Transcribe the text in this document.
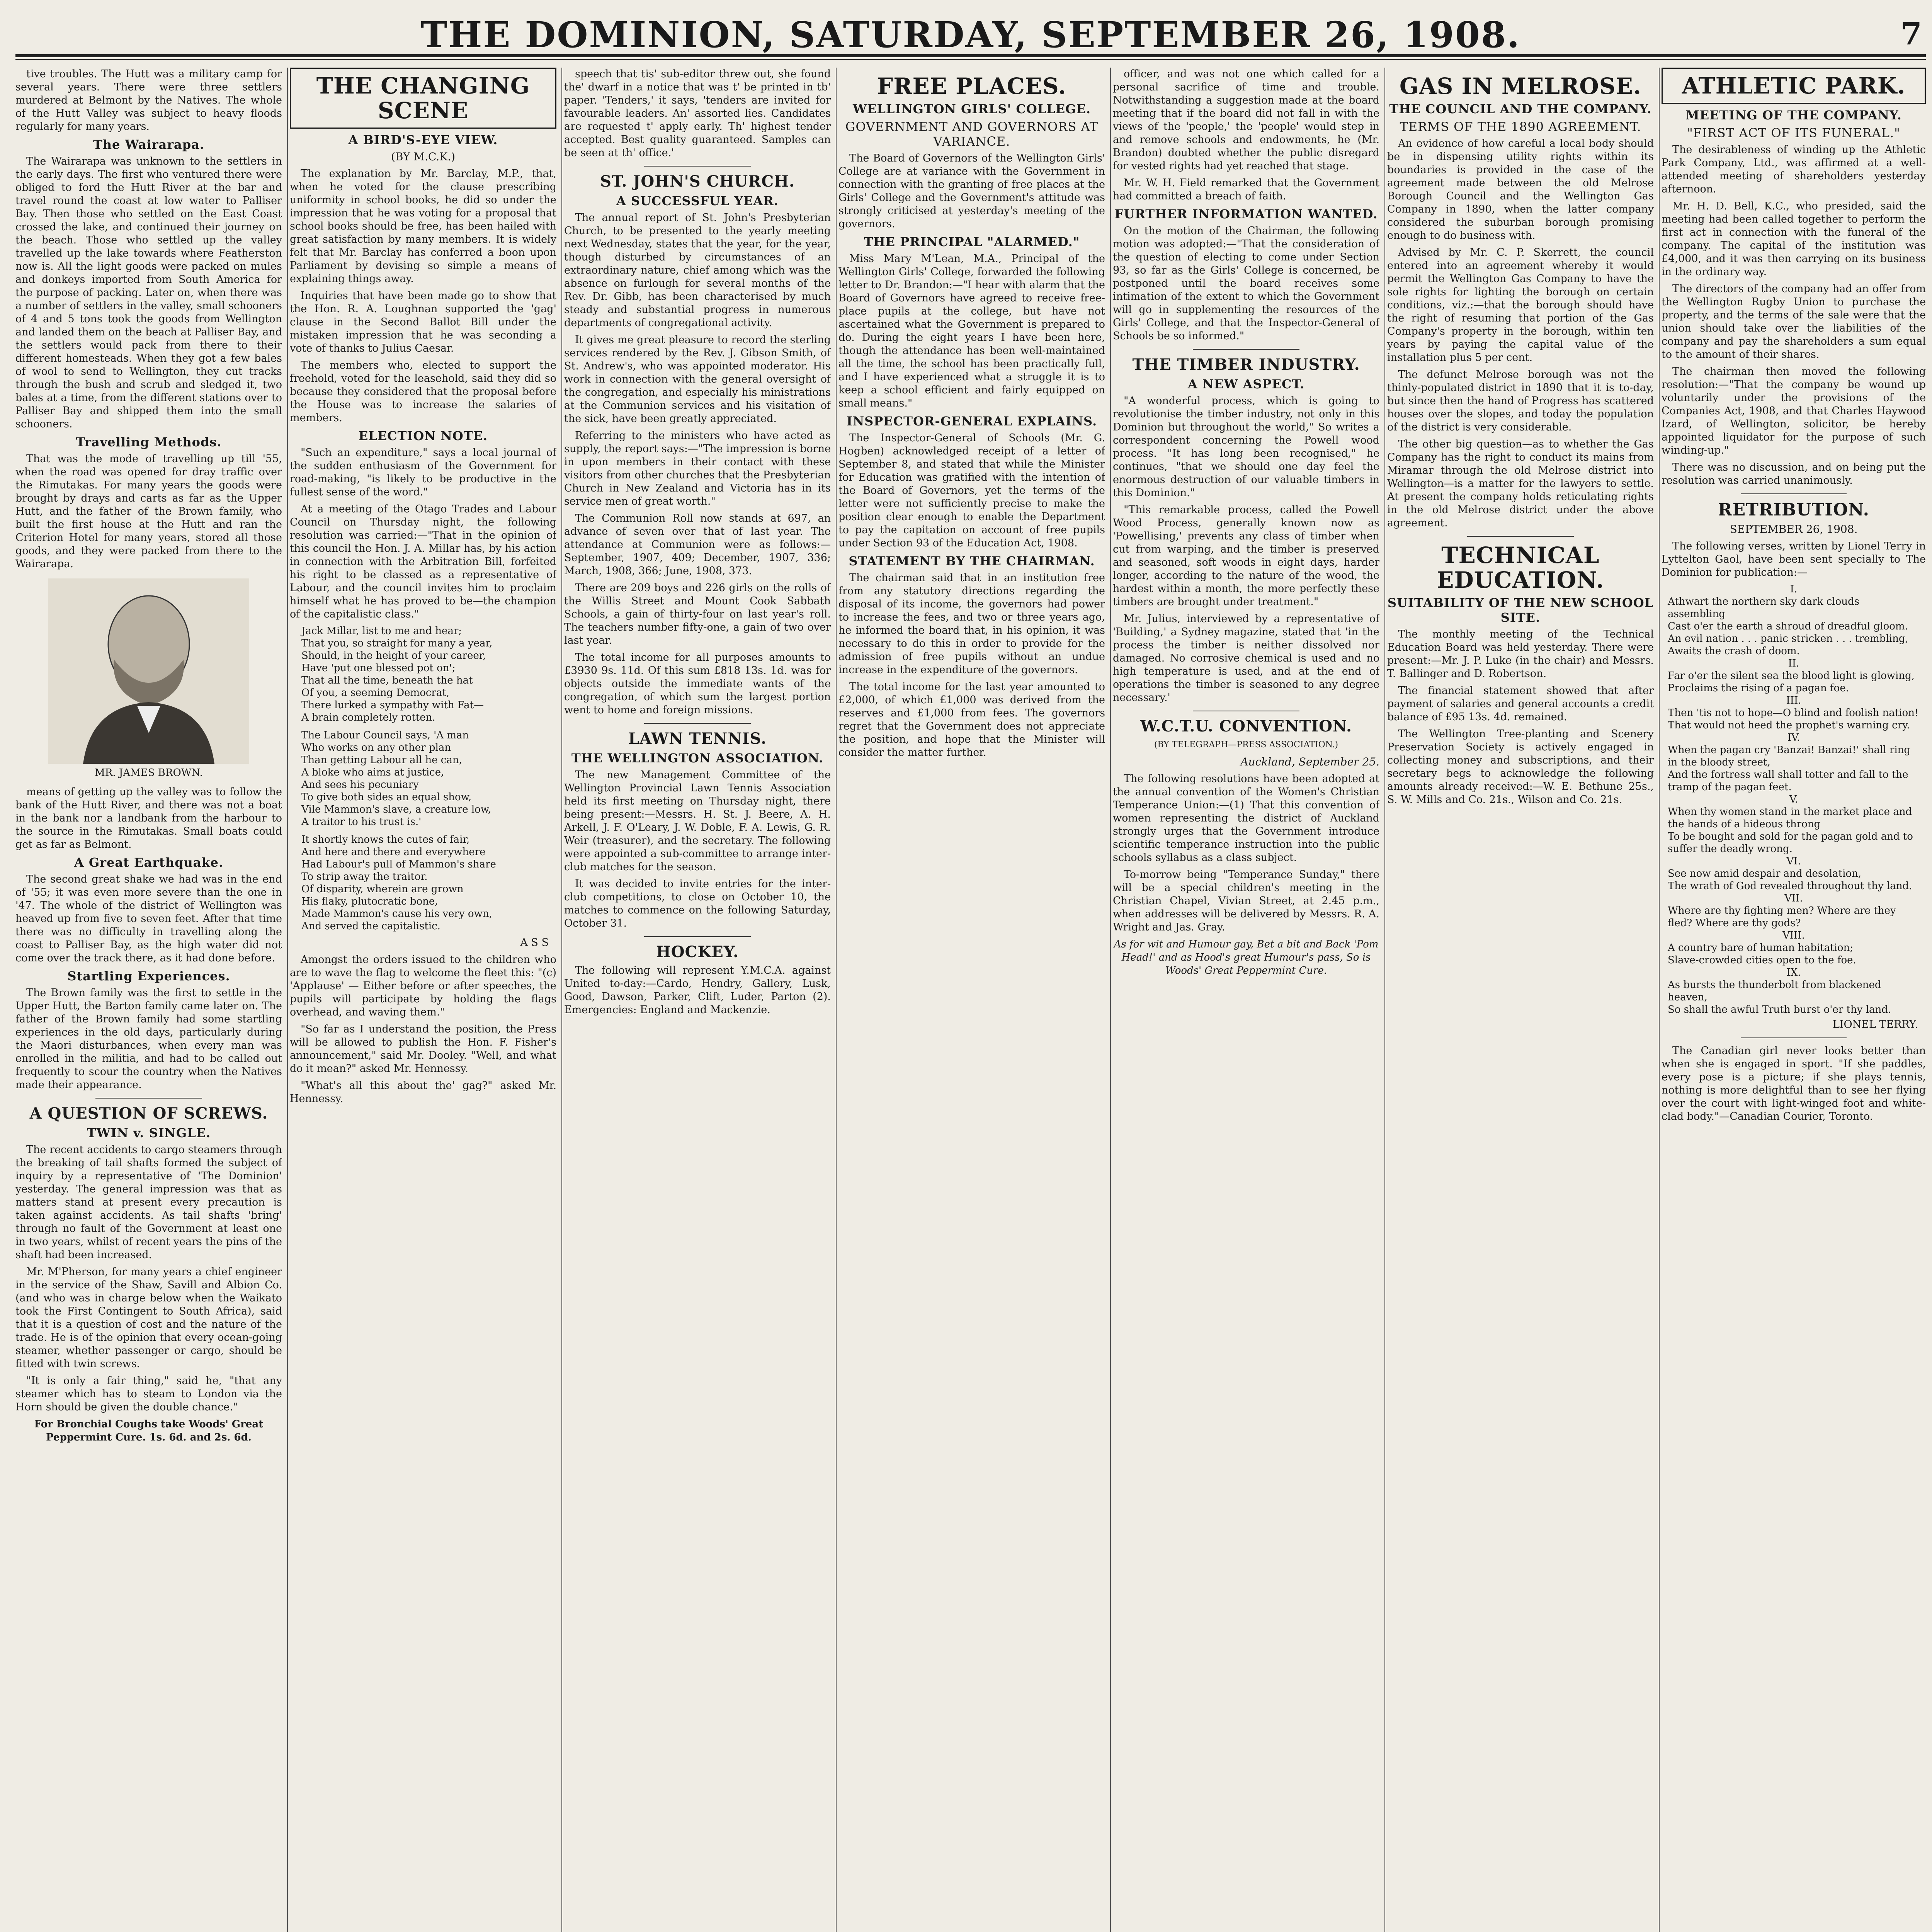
THE DOMINION, SATURDAY, SEPTEMBER 26, 1908.	7

tive troubles. The Hutt was a military camp for several years. There were three settlers murdered at Belmont by the Natives. The whole of the Hutt Valley was subject to heavy floods regularly for many years.

The Wairarapa.

The Wairarapa was unknown to the settlers in the early days. The first who ventured there were obliged to ford the Hutt River at the bar and travel round the coast at low water to Palliser Bay. Then those who settled on the East Coast crossed the lake, and continued their journey on the beach. Those who settled up the valley travelled up the lake towards where Featherston now is. All the light goods were packed on mules and donkeys imported from South America for the purpose of packing. Later on, when there was a number of settlers in the valley, small schooners of 4 and 5 tons took the goods from Wellington and landed them on the beach at Palliser Bay, and the settlers would pack from there to their different homesteads. When they got a few bales of wool to send to Wellington, they cut tracks through the bush and scrub and sledged it, two bales at a time, from the different stations over to Palliser Bay and shipped them into the small schooners.

Travelling Methods.

That was the mode of travelling up till '55, when the road was opened for dray traffic over the Rimutakas. For many years the goods were brought by drays and carts as far as the Upper Hutt, and the father of the Brown family, who built the first house at the Hutt and ran the Criterion Hotel for many years, stored all those goods, and they were packed from there to the Wairarapa.

MR. JAMES BROWN.

means of getting up the valley was to follow the bank of the Hutt River, and there was not a boat in the bank nor a landbank from the harbour to the source in the Rimutakas. Small boats could get as far as Belmont.

A Great Earthquake.

The second great shake we had was in the end of '55; it was even more severe than the one in '47. The whole of the district of Wellington was heaved up from five to seven feet. After that time there was no difficulty in travelling along the coast to Palliser Bay, as the high water did not come over the track there, as it had done before.

Startling Experiences.

The Brown family was the first to settle in the Upper Hutt, the Barton family came later on. The father of the Brown family had some startling experiences in the old days, particularly during the Maori disturbances, when every man was enrolled in the militia, and had to be called out frequently to scour the country when the Natives made their appearance.

A QUESTION OF SCREWS.
TWIN v. SINGLE.

The recent accidents to cargo steamers through the breaking of tail shafts formed the subject of inquiry by a representative of 'The Dominion' yesterday. The general impression was that as matters stand at present every precaution is taken against accidents. As tail shafts 'bring' through no fault of the Government at least one in two years, whilst of recent years the pins of the shaft had been increased.

Mr. M'Pherson, for many years a chief engineer in the service of the Shaw, Savill and Albion Co. (and who was in charge below when the Waikato took the First Contingent to South Africa), said that it is a question of cost and the nature of the trade. He is of the opinion that every ocean-going steamer, whether passenger or cargo, should be fitted with twin screws.

"It is only a fair thing," said he, "that any steamer which has to steam to London via the Horn should be given the double chance."

For Bronchial Coughs take Woods' Great Peppermint Cure. 1s. 6d. and 2s. 6d.
THE CHANGING SCENE
A BIRD'S-EYE VIEW.
(BY M.C.K.)

The explanation by Mr. Barclay, M.P., that, when he voted for the clause prescribing uniformity in school books, he did so under the impression that he was voting for a proposal that school books should be free, has been hailed with great satisfaction by many members. It is widely felt that Mr. Barclay has conferred a boon upon Parliament by devising so simple a means of explaining things away.

Inquiries that have been made go to show that the Hon. R. A. Loughnan supported the 'gag' clause in the Second Ballot Bill under the mistaken impression that he was seconding a vote of thanks to Julius Caesar.

The members who, elected to support the freehold, voted for the leasehold, said they did so because they considered that the proposal before the House was to increase the salaries of members.

ELECTION NOTE.

"Such an expenditure," says a local journal of the sudden enthusiasm of the Government for road-making, "is likely to be productive in the fullest sense of the word."

At a meeting of the Otago Trades and Labour Council on Thursday night, the following resolution was carried:—"That in the opinion of this council the Hon. J. A. Millar has, by his action in connection with the Arbitration Bill, forfeited his right to be classed as a representative of Labour, and the council invites him to proclaim himself what he has proved to be—the champion of the capitalistic class."

Jack Millar, list to me and hear;
That you, so straight for many a year,
Should, in the height of your career,
Have 'put one blessed pot on';
That all the time, beneath the hat
Of you, a seeming Democrat,
There lurked a sympathy with Fat—
A brain completely rotten.
The Labour Council says, 'A man
Who works on any other plan
Than getting Labour all he can,
A bloke who aims at justice,
And sees his pecuniary
To give both sides an equal show,
Vile Mammon's slave, a creature low,
A traitor to his trust is.'
It shortly knows the cutes of fair,
And here and there and everywhere
Had Labour's pull of Mammon's share
To strip away the traitor.
Of disparity, wherein are grown
His flaky, plutocratic bone,
Made Mammon's cause his very own,
And served the capitalistic.
A S S

Amongst the orders issued to the children who are to wave the flag to welcome the fleet this: "(c) 'Applause' — Either before or after speeches, the pupils will participate by holding the flags overhead, and waving them."

"So far as I understand the position, the Press will be allowed to publish the Hon. F. Fisher's announcement," said Mr. Dooley. "Well, and what do it mean?" asked Mr. Hennessy.

"What's all this about the' gag?" asked Mr. Hennessy.

speech that tis' sub-editor threw out, she found the' dwarf in a notice that was t' be printed in tb' paper. 'Tenders,' it says, 'tenders are invited for favourable leaders. An' assorted lies. Candidates are requested t' apply early. Th' highest tender accepted. Best quality guaranteed. Samples can be seen at th' office.'

ST. JOHN'S CHURCH.
A SUCCESSFUL YEAR.

The annual report of St. John's Presbyterian Church, to be presented to the yearly meeting next Wednesday, states that the year, for the year, though disturbed by circumstances of an extraordinary nature, chief among which was the absence on furlough for several months of the Rev. Dr. Gibb, has been characterised by much steady and substantial progress in numerous departments of congregational activity.

It gives me great pleasure to record the sterling services rendered by the Rev. J. Gibson Smith, of St. Andrew's, who was appointed moderator. His work in connection with the general oversight of the congregation, and especially his ministrations at the Communion services and his visitation of the sick, have been greatly appreciated.

Referring to the ministers who have acted as supply, the report says:—"The impression is borne in upon members in their contact with these visitors from other churches that the Presbyterian Church in New Zealand and Victoria has in its service men of great worth."

The Communion Roll now stands at 697, an advance of seven over that of last year. The attendance at Communion were as follows:—September, 1907, 409; December, 1907, 336; March, 1908, 366; June, 1908, 373.

There are 209 boys and 226 girls on the rolls of the Willis Street and Mount Cook Sabbath Schools, a gain of thirty-four on last year's roll. The teachers number fifty-one, a gain of two over last year.

The total income for all purposes amounts to £3930 9s. 11d. Of this sum £818 13s. 1d. was for objects outside the immediate wants of the congregation, of which sum the largest portion went to home and foreign missions.

LAWN TENNIS.
THE WELLINGTON ASSOCIATION.

The new Management Committee of the Wellington Provincial Lawn Tennis Association held its first meeting on Thursday night, there being present:—Messrs. H. St. J. Beere, A. H. Arkell, J. F. O'Leary, J. W. Doble, F. A. Lewis, G. R. Weir (treasurer), and the secretary. The following were appointed a sub-committee to arrange inter-club matches for the season.

It was decided to invite entries for the inter-club competitions, to close on October 10, the matches to commence on the following Saturday, October 31.

HOCKEY.

The following will represent Y.M.C.A. against United to-day:—Cardo, Hendry, Gallery, Lusk, Good, Dawson, Parker, Clift, Luder, Parton (2). Emergencies: England and Mackenzie.

FREE PLACES.
WELLINGTON GIRLS' COLLEGE.
GOVERNMENT AND GOVERNORS AT VARIANCE.

The Board of Governors of the Wellington Girls' College are at variance with the Government in connection with the granting of free places at the Girls' College and the Government's attitude was strongly criticised at yesterday's meeting of the governors.

THE PRINCIPAL "ALARMED."

Miss Mary M'Lean, M.A., Principal of the Wellington Girls' College, forwarded the following letter to Dr. Brandon:—"I hear with alarm that the Board of Governors have agreed to receive free-place pupils at the college, but have not ascertained what the Government is prepared to do. During the eight years I have been here, though the attendance has been well-maintained all the time, the school has been practically full, and I have experienced what a struggle it is to keep a school efficient and fairly equipped on small means."

INSPECTOR-GENERAL EXPLAINS.

The Inspector-General of Schools (Mr. G. Hogben) acknowledged receipt of a letter of September 8, and stated that while the Minister for Education was gratified with the intention of the Board of Governors, yet the terms of the letter were not sufficiently precise to make the position clear enough to enable the Department to pay the capitation on account of free pupils under Section 93 of the Education Act, 1908.

STATEMENT BY THE CHAIRMAN.

The chairman said that in an institution free from any statutory directions regarding the disposal of its income, the governors had power to increase the fees, and two or three years ago, he informed the board that, in his opinion, it was necessary to do this in order to provide for the admission of free pupils without an undue increase in the expenditure of the governors.

The total income for the last year amounted to £2,000, of which £1,000 was derived from the reserves and £1,000 from fees. The governors regret that the Government does not appreciate the position, and hope that the Minister will consider the matter further.

officer, and was not one which called for a personal sacrifice of time and trouble. Notwithstanding a suggestion made at the board meeting that if the board did not fall in with the views of the 'people,' the 'people' would step in and remove schools and endowments, he (Mr. Brandon) doubted whether the public disregard for vested rights had yet reached that stage.

Mr. W. H. Field remarked that the Government had committed a breach of faith.

FURTHER INFORMATION WANTED.

On the motion of the Chairman, the following motion was adopted:—"That the consideration of the question of electing to come under Section 93, so far as the Girls' College is concerned, be postponed until the board receives some intimation of the extent to which the Government will go in supplementing the resources of the Girls' College, and that the Inspector-General of Schools be so informed."

THE TIMBER INDUSTRY.
A NEW ASPECT.

"A wonderful process, which is going to revolutionise the timber industry, not only in this Dominion but throughout the world," So writes a correspondent concerning the Powell wood process. "It has long been recognised," he continues, "that we should one day feel the enormous destruction of our valuable timbers in this Dominion."

"This remarkable process, called the Powell Wood Process, generally known now as 'Powellising,' prevents any class of timber when cut from warping, and the timber is preserved and seasoned, soft woods in eight days, harder longer, according to the nature of the wood, the hardest within a month, the more perfectly these timbers are brought under treatment."

Mr. Julius, interviewed by a representative of 'Building,' a Sydney magazine, stated that 'in the process the timber is neither dissolved nor damaged. No corrosive chemical is used and no high temperature is used, and at the end of operations the timber is seasoned to any degree necessary.'

W.C.T.U. CONVENTION.
(BY TELEGRAPH—PRESS ASSOCIATION.)
Auckland, September 25.

The following resolutions have been adopted at the annual convention of the Women's Christian Temperance Union:—(1) That this convention of women representing the district of Auckland strongly urges that the Government introduce scientific temperance instruction into the public schools syllabus as a class subject.

To-morrow being "Temperance Sunday," there will be a special children's meeting in the Christian Chapel, Vivian Street, at 2.45 p.m., when addresses will be delivered by Messrs. R. A. Wright and Jas. Gray.

As for wit and Humour gay, Bet a bit and Back 'Pom Head!' and as Hood's great Humour's pass, So is Woods' Great Peppermint Cure.
GAS IN MELROSE.
THE COUNCIL AND THE COMPANY.
TERMS OF THE 1890 AGREEMENT.

An evidence of how careful a local body should be in dispensing utility rights within its boundaries is provided in the case of the agreement made between the old Melrose Borough Council and the Wellington Gas Company in 1890, when the latter company considered the suburban borough promising enough to do business with.

Advised by Mr. C. P. Skerrett, the council entered into an agreement whereby it would permit the Wellington Gas Company to have the sole rights for lighting the borough on certain conditions, viz.:—that the borough should have the right of resuming that portion of the Gas Company's property in the borough, within ten years by paying the capital value of the installation plus 5 per cent.

The defunct Melrose borough was not the thinly-populated district in 1890 that it is to-day, but since then the hand of Progress has scattered houses over the slopes, and today the population of the district is very considerable.

The other big question—as to whether the Gas Company has the right to conduct its mains from Miramar through the old Melrose district into Wellington—is a matter for the lawyers to settle. At present the company holds reticulating rights in the old Melrose district under the above agreement.

TECHNICAL EDUCATION.
SUITABILITY OF THE NEW SCHOOL SITE.

The monthly meeting of the Technical Education Board was held yesterday. There were present:—Mr. J. P. Luke (in the chair) and Messrs. T. Ballinger and D. Robertson.

The financial statement showed that after payment of salaries and general accounts a credit balance of £95 13s. 4d. remained.

The Wellington Tree-planting and Scenery Preservation Society is actively engaged in collecting money and subscriptions, and their secretary begs to acknowledge the following amounts already received:—W. E. Bethune 25s., S. W. Mills and Co. 21s., Wilson and Co. 21s.

ATHLETIC PARK.
MEETING OF THE COMPANY.
"FIRST ACT OF ITS FUNERAL."

The desirableness of winding up the Athletic Park Company, Ltd., was affirmed at a well-attended meeting of shareholders yesterday afternoon.

Mr. H. D. Bell, K.C., who presided, said the meeting had been called together to perform the first act in connection with the funeral of the company. The capital of the institution was £4,000, and it was then carrying on its business in the ordinary way.

The directors of the company had an offer from the Wellington Rugby Union to purchase the property, and the terms of the sale were that the union should take over the liabilities of the company and pay the shareholders a sum equal to the amount of their shares.

The chairman then moved the following resolution:—"That the company be wound up voluntarily under the provisions of the Companies Act, 1908, and that Charles Haywood Izard, of Wellington, solicitor, be hereby appointed liquidator for the purpose of such winding-up."

There was no discussion, and on being put the resolution was carried unanimously.

RETRIBUTION.
SEPTEMBER 26, 1908.

The following verses, written by Lionel Terry in Lyttelton Gaol, have been sent specially to The Dominion for publication:—

I.
Athwart the northern sky dark clouds assembling
Cast o'er the earth a shroud of dreadful gloom.
An evil nation . . . panic stricken . . . trembling,
Awaits the crash of doom.
II.
Far o'er the silent sea the blood light is glowing,
Proclaims the rising of a pagan foe.
III.
Then 'tis not to hope—O blind and foolish nation!
That would not heed the prophet's warning cry.
IV.
When the pagan cry 'Banzai! Banzai!' shall ring in the bloody street,
And the fortress wall shall totter and fall to the tramp of the pagan feet.
V.
When thy women stand in the market place and the hands of a hideous throng
To be bought and sold for the pagan gold and to suffer the deadly wrong.
VI.
See now amid despair and desolation,
The wrath of God revealed throughout thy land.
VII.
Where are thy fighting men? Where are they fled? Where are thy gods?
VIII.
A country bare of human habitation;
Slave-crowded cities open to the foe.
IX.
As bursts the thunderbolt from blackened heaven,
So shall the awful Truth burst o'er thy land.
LIONEL TERRY.

The Canadian girl never looks better than when she is engaged in sport. "If she paddles, every pose is a picture; if she plays tennis, nothing is more delightful than to see her flying over the court with light-winged foot and white-clad body."—Canadian Courier, Toronto.
